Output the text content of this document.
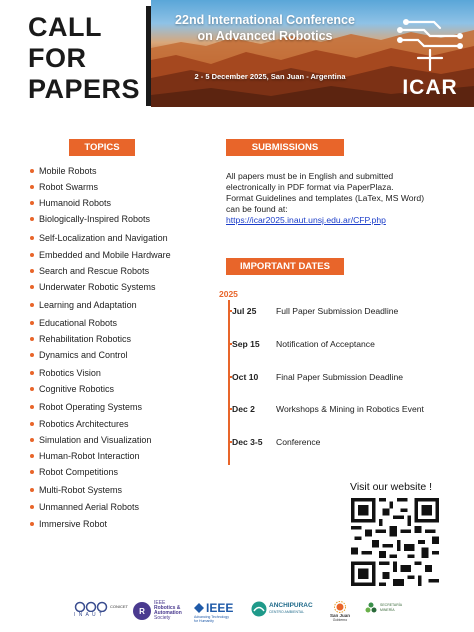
CALL
FOR
PAPERS
22nd International Conference
on Advanced Robotics
2 - 5 December 2025, San Juan - Argentina	ICAR
TOPICS
Mobile Robots
Robot Swarms
Humanoid Robots
Biologically-Inspired Robots
Self-Localization and Navigation
Embedded and Mobile Hardware
Search and Rescue Robots
Underwater Robotic Systems
Learning and Adaptation
Educational Robots
Rehabilitation Robotics
Dynamics and Control
Robotics Vision
Cognitive Robotics
Robot Operating Systems
Robotics Architectures
Simulation and Visualization
Human-Robot Interaction
Robot Competitions
Multi-Robot Systems
Unmanned Aerial Robots
Immersive Robot
SUBMISSIONS
All papers must be in English and submitted
electronically in PDF format via PaperPlaza.
Format Guidelines and templates (LaTex, MS Word)
can be found at:
https://icar2025.inaut.unsj.edu.ar/CFP.php
IMPORTANT DATES
2025
Jul 25 Full Paper Submission Deadline
Sep 15 Notification of Acceptance
Oct 10 Final Paper Submission Deadline
Dec 2 Workshops & Mining in Robotics Event
Dec 3-5 Conference
Visit our website !
CONICET
I N A U T	R
IEEE
Robotics &
Automation
Society
IEEE
Advancing Technology
for Humanity
ANCHIPURAC
CENTRO AMBIENTAL
San Juan
Gobierno
SECRETARÍA
MINERÍA
